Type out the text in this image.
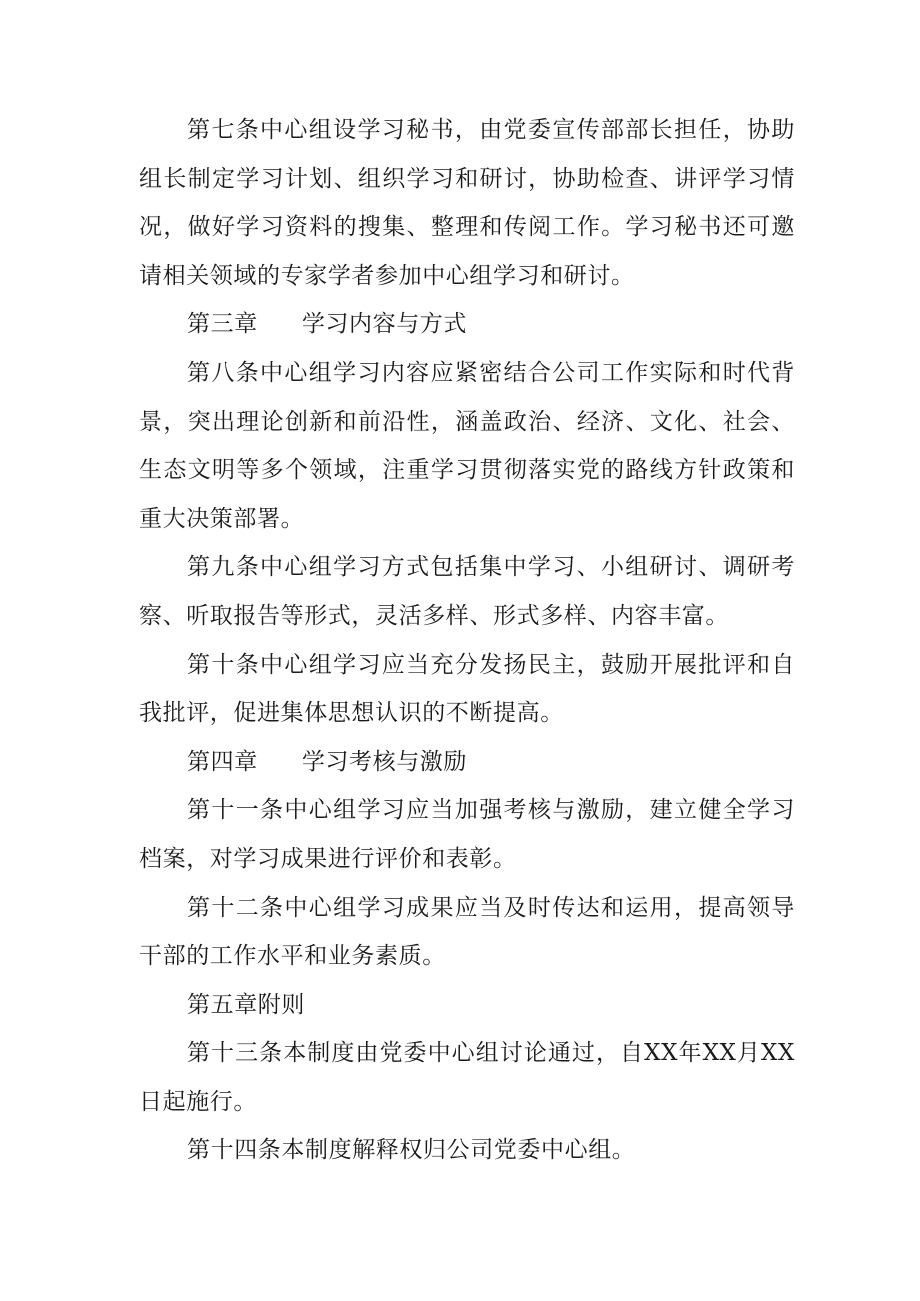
第七条中心组设学习秘书，由党委宣传部部长担任，协助组长制定学习计划、组织学习和研讨，协助检查、讲评学习情况，做好学习资料的搜集、整理和传阅工作。学习秘书还可邀请相关领域的专家学者参加中心组学习和研讨。

第三章 学习内容与方式

第八条中心组学习内容应紧密结合公司工作实际和时代背景，突出理论创新和前沿性，涵盖政治、经济、文化、社会、生态文明等多个领域，注重学习贯彻落实党的路线方针政策和重大决策部署。

第九条中心组学习方式包括集中学习、小组研讨、调研考察、听取报告等形式，灵活多样、形式多样、内容丰富。

第十条中心组学习应当充分发扬民主，鼓励开展批评和自我批评，促进集体思想认识的不断提高。

第四章 学习考核与激励

第十一条中心组学习应当加强考核与激励，建立健全学习档案，对学习成果进行评价和表彰。

第十二条中心组学习成果应当及时传达和运用，提高领导干部的工作水平和业务素质。

第五章附则

第十三条本制度由党委中心组讨论通过，自XX年XX月XX日起施行。

第十四条本制度解释权归公司党委中心组。
